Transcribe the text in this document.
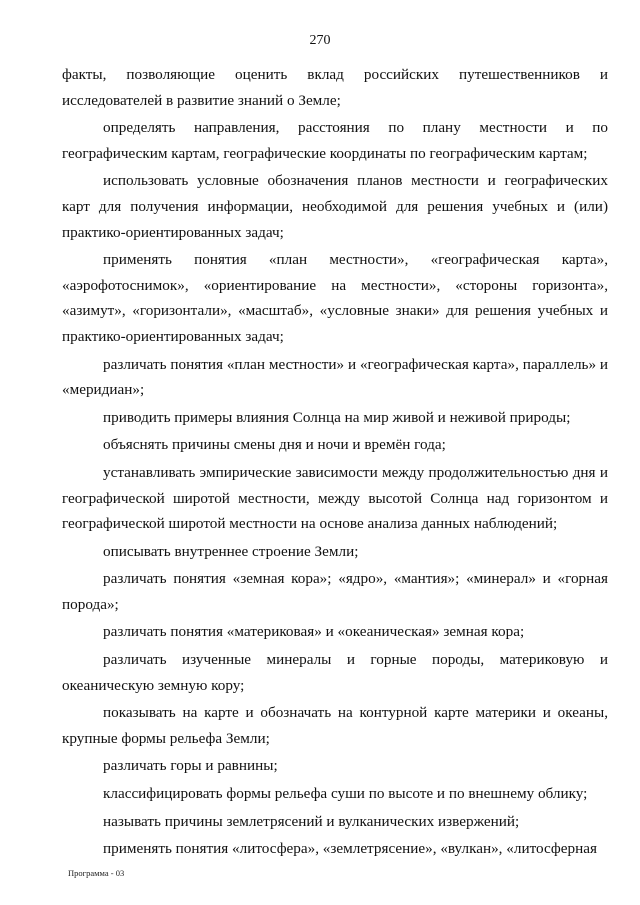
270

факты, позволяющие оценить вклад российских путешественников и исследователей в развитие знаний о Земле;

определять направления, расстояния по плану местности и по географическим картам, географические координаты по географическим картам;

использовать условные обозначения планов местности и географических карт для получения информации, необходимой для решения учебных и (или) практико-ориентированных задач;

применять понятия «план местности», «географическая карта», «аэрофотоснимок», «ориентирование на местности», «стороны горизонта», «азимут», «горизонтали», «масштаб», «условные знаки» для решения учебных и практико-ориентированных задач;

различать понятия «план местности» и «географическая карта», параллель» и «меридиан»;

приводить примеры влияния Солнца на мир живой и неживой природы;

объяснять причины смены дня и ночи и времён года;

устанавливать эмпирические зависимости между продолжительностью дня и географической широтой местности, между высотой Солнца над горизонтом и географической широтой местности на основе анализа данных наблюдений;

описывать внутреннее строение Земли;

различать понятия «земная кора»; «ядро», «мантия»; «минерал» и «горная порода»;

различать понятия «материковая» и «океаническая» земная кора;

различать изученные минералы и горные породы, материковую и океаническую земную кору;

показывать на карте и обозначать на контурной карте материки и океаны, крупные формы рельефа Земли;

различать горы и равнины;

классифицировать формы рельефа суши по высоте и по внешнему облику;

называть причины землетрясений и вулканических извержений;

применять понятия «литосфера», «землетрясение», «вулкан», «литосферная

Программа - 03
